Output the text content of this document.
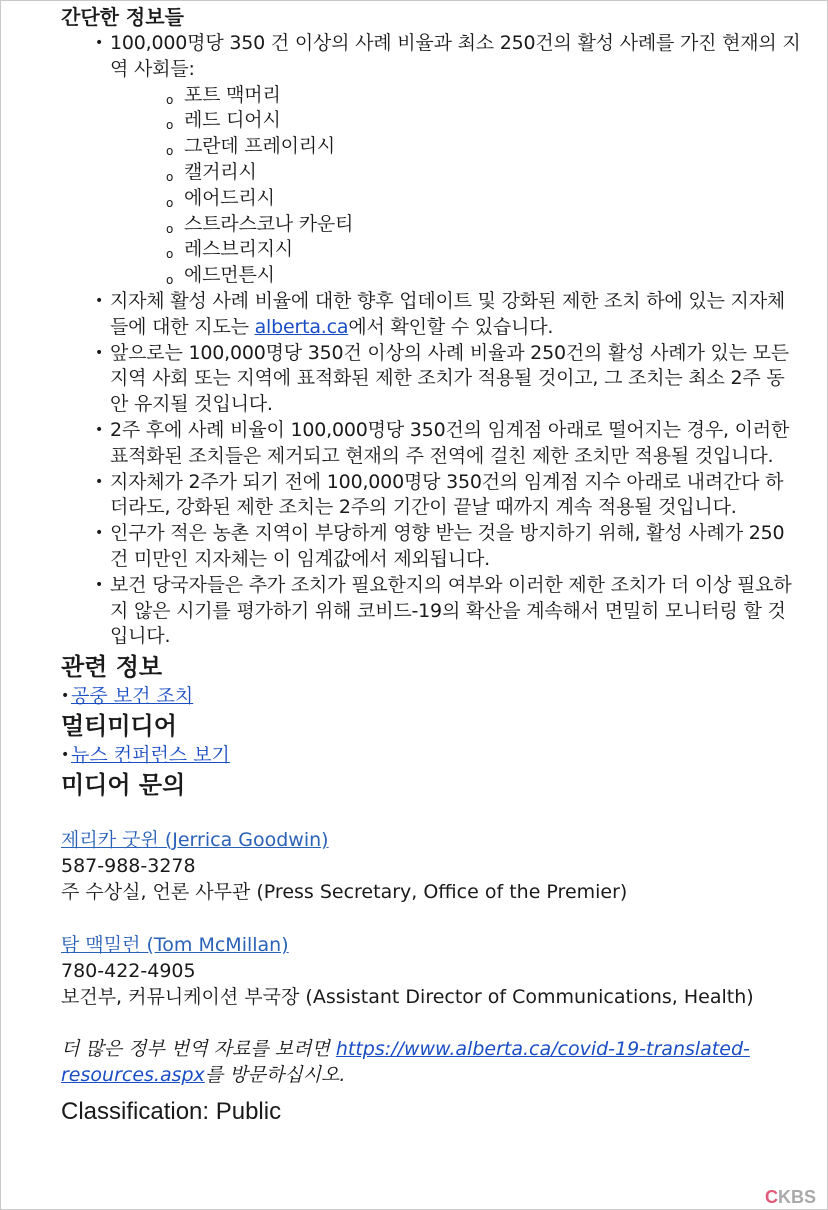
간단한 정보들
• 100,000명당 350 건 이상의 사례 비율과 최소 250건의 활성 사례를 가진 현재의 지역 사회들:
o 포트 맥머리
o 레드 디어시
o 그란데 프레이리시
o 캘거리시
o 에어드리시
o 스트라스코나 카운티
o 레스브리지시
o 에드먼튼시
• 지자체 활성 사례 비율에 대한 향후 업데이트 및 강화된 제한 조치 하에 있는 지자체들에 대한 지도는 alberta.ca에서 확인할 수 있습니다.
• 앞으로는 100,000명당 350건 이상의 사례 비율과 250건의 활성 사례가 있는 모든 지역 사회 또는 지역에 표적화된 제한 조치가 적용될 것이고, 그 조치는 최소 2주 동안 유지될 것입니다.
• 2주 후에 사례 비율이 100,000명당 350건의 임계점 아래로 떨어지는 경우, 이러한 표적화된 조치들은 제거되고 현재의 주 전역에 걸친 제한 조치만 적용될 것입니다.
• 지자체가 2주가 되기 전에 100,000명당 350건의 임계점 지수 아래로 내려간다 하더라도, 강화된 제한 조치는 2주의 기간이 끝날 때까지 계속 적용될 것입니다.
• 인구가 적은 농촌 지역이 부당하게 영향 받는 것을 방지하기 위해, 활성 사례가 250건 미만인 지자체는 이 임계값에서 제외됩니다.
• 보건 당국자들은 추가 조치가 필요한지의 여부와 이러한 제한 조치가 더 이상 필요하지 않은 시기를 평가하기 위해 코비드-19의 확산을 계속해서 면밀히 모니터링 할 것입니다.
관련 정보
• 공중 보건 조치
멀티미디어
• 뉴스 컨퍼런스 보기
미디어 문의
제리카 굿윈 (Jerrica Goodwin)
587-988-3278
주 수상실, 언론 사무관 (Press Secretary, Office of the Premier)
탐 맥밀런 (Tom McMillan)
780-422-4905
보건부, 커뮤니케이션 부국장 (Assistant Director of Communications, Health)
더 많은 정부 번역 자료를 보려면 https://www.alberta.ca/covid-19-translated-resources.aspx를 방문하십시오.
Classification: Public
CKBS
